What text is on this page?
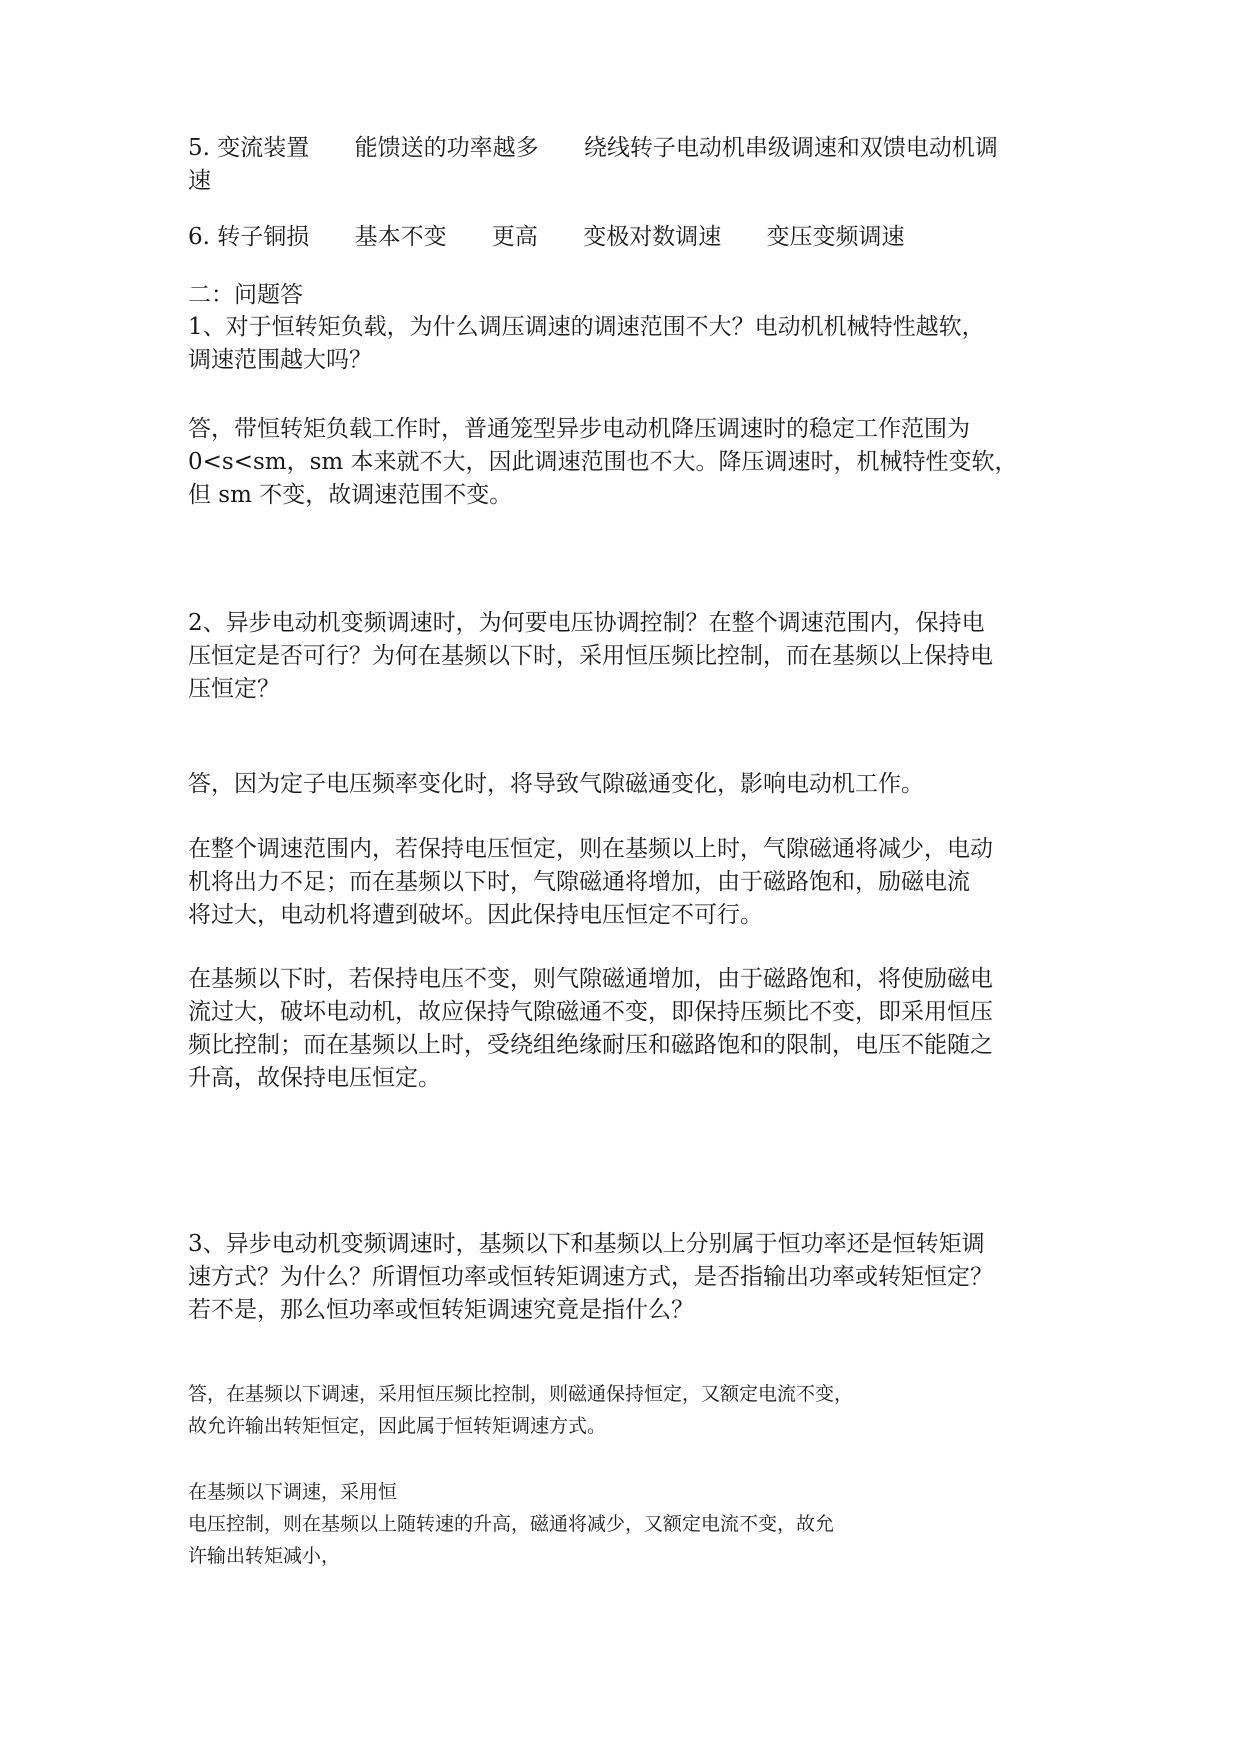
5. 变流装置 能馈送的功率越多 绕线转子电动机串级调速和双馈电动机调
速
6. 转子铜损 基本不变 更高 变极对数调速 变压变频调速
二：问题答
1、对于恒转矩负载，为什么调压调速的调速范围不大？电动机机械特性越软，
调速范围越大吗？
答，带恒转矩负载工作时，普通笼型异步电动机降压调速时的稳定工作范围为
0<s<sm，sm 本来就不大，因此调速范围也不大。降压调速时，机械特性变软，
但 sm 不变，故调速范围不变。
2、异步电动机变频调速时，为何要电压协调控制？在整个调速范围内，保持电
压恒定是否可行？为何在基频以下时，采用恒压频比控制，而在基频以上保持电
压恒定？
答，因为定子电压频率变化时，将导致气隙磁通变化，影响电动机工作。
在整个调速范围内，若保持电压恒定，则在基频以上时，气隙磁通将减少，电动
机将出力不足；而在基频以下时，气隙磁通将增加，由于磁路饱和，励磁电流
将过大，电动机将遭到破坏。因此保持电压恒定不可行。
在基频以下时，若保持电压不变，则气隙磁通增加，由于磁路饱和，将使励磁电
流过大，破坏电动机，故应保持气隙磁通不变，即保持压频比不变，即采用恒压
频比控制；而在基频以上时，受绕组绝缘耐压和磁路饱和的限制，电压不能随之
升高，故保持电压恒定。
3、异步电动机变频调速时，基频以下和基频以上分别属于恒功率还是恒转矩调
速方式？为什么？所谓恒功率或恒转矩调速方式，是否指输出功率或转矩恒定？
若不是，那么恒功率或恒转矩调速究竟是指什么？
答，在基频以下调速，采用恒压频比控制，则磁通保持恒定，又额定电流不变，
故允许输出转矩恒定，因此属于恒转矩调速方式。
在基频以下调速，采用恒
电压控制，则在基频以上随转速的升高，磁通将减少，又额定电流不变，故允
许输出转矩减小，
